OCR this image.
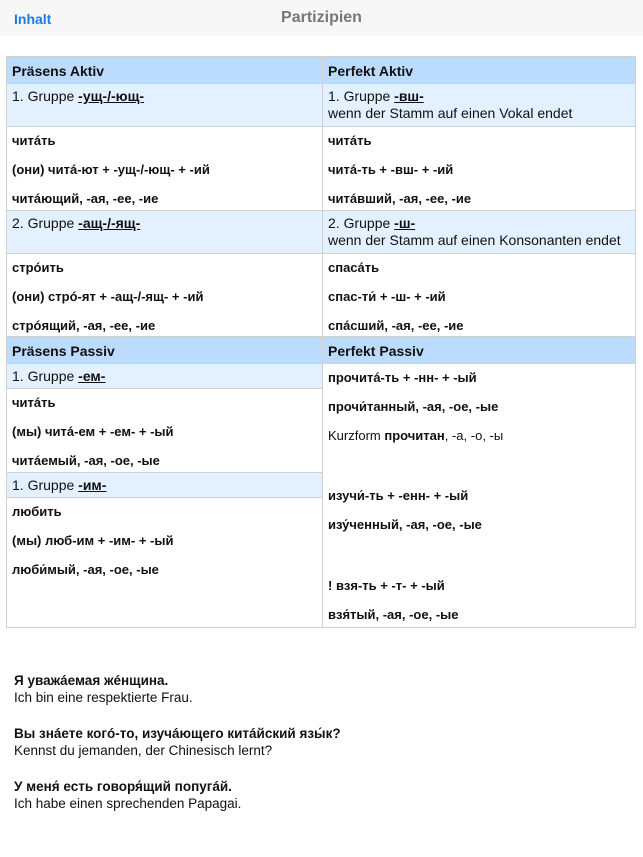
Inhalt	Partizipien
Präsens Aktiv
1. Gruppe -ущ-/-ющ-
читáть
(они) читá-ют + -ущ-/-ющ- + -ий
читáющий, -ая, -ее, -ие
2. Gruppe -ащ-/-ящ-
стрóить
(они) стрó-ят + -ащ-/-ящ- + -ий
стрóящий, -ая, -ее, -ие
Präsens Passiv
1. Gruppe -ем-
читáть
(мы) читá-ем + -ем- + -ый
читáемый, -ая, -ое, -ые
1. Gruppe -им-
любить
(мы) люб-им + -им- + -ый
люби́мый, -ая, -ое, -ые
Perfekt Aktiv
1. Gruppe -вш-
wenn der Stamm auf einen Vokal endet
читáть
читá-ть + -вш- + -ий
читáвший, -ая, -ее, -ие
2. Gruppe -ш-
wenn der Stamm auf einen Konsonanten endet
спасáть
спас-ти́ + -ш- + -ий
спáсший, -ая, -ее, -ие
Perfekt Passiv
прочитá-ть + -нн- + -ый
прочи́танный, -ая, -ое, -ые
Kurzform прочитан, -а, -о, -ы
изучи́-ть + -енн- + -ый
изу́ченный, -ая, -ое, -ые
! взя-ть + -т- + -ый
взя́тый, -ая, -ое, -ые
Я уважáемая жéнщина.
Ich bin eine respektierte Frau.
Вы знáете когó-то, изучáющего китáйский язы́к?
Kennst du jemanden, der Chinesisch lernt?
У меня́ есть говоря́щий попугáй.
Ich habe einen sprechenden Papagai.
